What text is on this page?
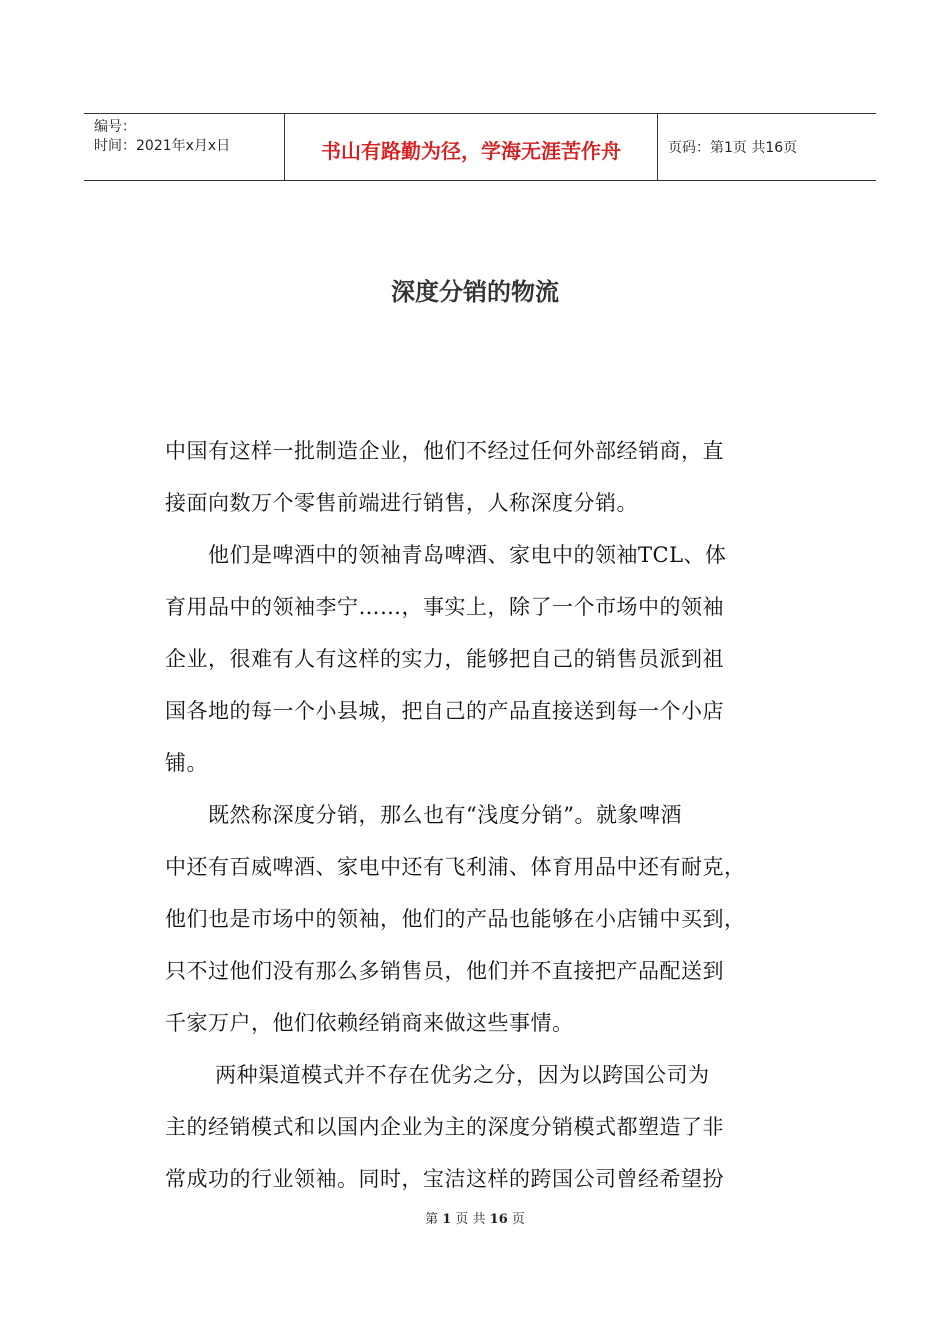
编号：
时间：2021年x月x日	书山有路勤为径，学海无涯苦作舟	页码：第1页 共16页
深度分销的物流

中国有这样一批制造企业，他们不经过任何外部经销商，直

接面向数万个零售前端进行销售，人称深度分销。

　　他们是啤酒中的领袖青岛啤酒、家电中的领袖TCL、体

育用品中的领袖李宁……，事实上，除了一个市场中的领袖

企业，很难有人有这样的实力，能够把自己的销售员派到祖

国各地的每一个小县城，把自己的产品直接送到每一个小店

铺。

　　既然称深度分销，那么也有“浅度分销”。就象啤酒

中还有百威啤酒、家电中还有飞利浦、体育用品中还有耐克，

他们也是市场中的领袖，他们的产品也能够在小店铺中买到，

只不过他们没有那么多销售员，他们并不直接把产品配送到

千家万户，他们依赖经销商来做这些事情。

　　 两种渠道模式并不存在优劣之分，因为以跨国公司为

主的经销模式和以国内企业为主的深度分销模式都塑造了非

常成功的行业领袖。同时，宝洁这样的跨国公司曾经希望扮

第 1 页 共 16 页
